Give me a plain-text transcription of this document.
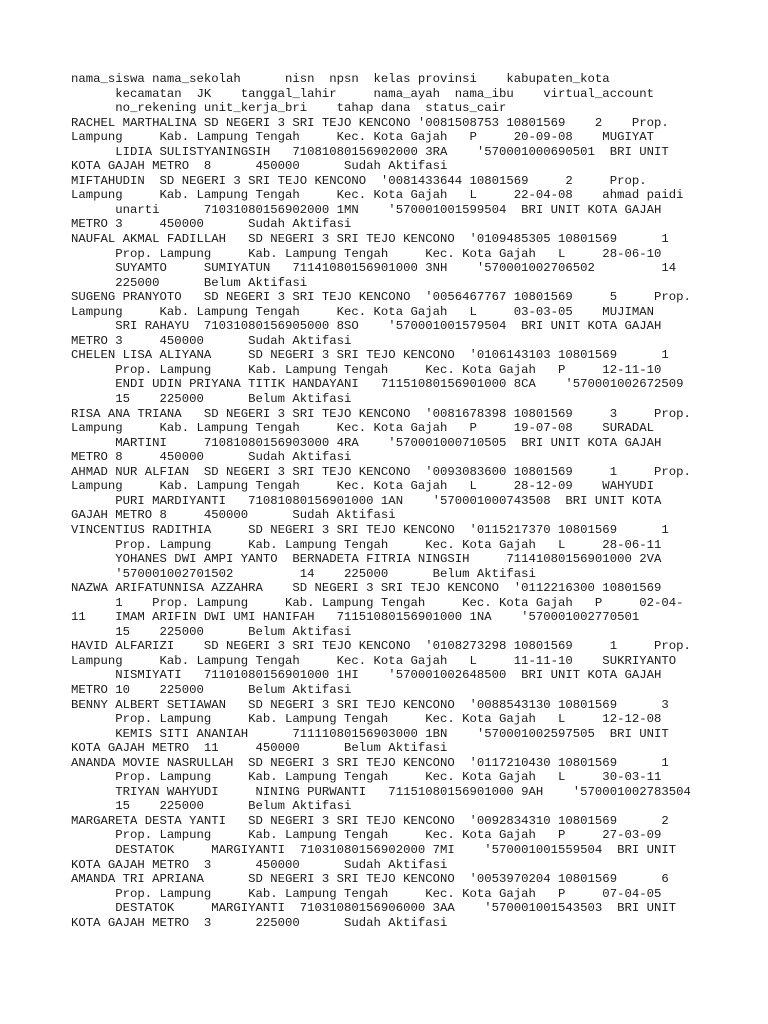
nama_siswa nama_sekolah      nisn  npsn  kelas provinsi    kabupaten_kota
kecamatan  JK    tanggal_lahir     nama_ayah  nama_ibu    virtual_account
no_rekening unit_kerja_bri    tahap dana  status_cair
RACHEL MARTHALINA SD NEGERI 3 SRI TEJO KENCONO '0081508753 10801569    2    Prop.
Lampung     Kab. Lampung Tengah     Kec. Kota Gajah   P     20-09-08    MUGIYAT
LIDIA SULISTYANINGSIH   71081080156902000 3RA    '570001000690501  BRI UNIT
KOTA GAJAH METRO  8      450000      Sudah Aktifasi
MIFTAHUDIN  SD NEGERI 3 SRI TEJO KENCONO  '0081433644 10801569     2     Prop.
Lampung     Kab. Lampung Tengah     Kec. Kota Gajah   L     22-04-08    ahmad paidi
unarti      71031080156902000 1MN    '570001001599504  BRI UNIT KOTA GAJAH
METRO 3     450000      Sudah Aktifasi
NAUFAL AKMAL FADILLAH   SD NEGERI 3 SRI TEJO KENCONO  '0109485305 10801569      1
Prop. Lampung     Kab. Lampung Tengah     Kec. Kota Gajah   L     28-06-10
SUYAMTO     SUMIYATUN   71141080156901000 3NH    '570001002706502         14
225000      Belum Aktifasi
SUGENG PRANYOTO   SD NEGERI 3 SRI TEJO KENCONO  '0056467767 10801569     5     Prop.
Lampung     Kab. Lampung Tengah     Kec. Kota Gajah   L     03-03-05    MUJIMAN
SRI RAHAYU  71031080156905000 8SO    '570001001579504  BRI UNIT KOTA GAJAH
METRO 3     450000      Sudah Aktifasi
CHELEN LISA ALIYANA     SD NEGERI 3 SRI TEJO KENCONO  '0106143103 10801569      1
Prop. Lampung     Kab. Lampung Tengah     Kec. Kota Gajah   P     12-11-10
ENDI UDIN PRIYANA TITIK HANDAYANI   71151080156901000 8CA    '570001002672509
15    225000      Belum Aktifasi
RISA ANA TRIANA   SD NEGERI 3 SRI TEJO KENCONO  '0081678398 10801569     3     Prop.
Lampung     Kab. Lampung Tengah     Kec. Kota Gajah   P     19-07-08    SURADAL
MARTINI     71081080156903000 4RA    '570001000710505  BRI UNIT KOTA GAJAH
METRO 8     450000      Sudah Aktifasi
AHMAD NUR ALFIAN  SD NEGERI 3 SRI TEJO KENCONO  '0093083600 10801569     1     Prop.
Lampung     Kab. Lampung Tengah     Kec. Kota Gajah   L     28-12-09    WAHYUDI
PURI MARDIYANTI   71081080156901000 1AN    '570001000743508  BRI UNIT KOTA
GAJAH METRO 8     450000      Sudah Aktifasi
VINCENTIUS RADITHIA     SD NEGERI 3 SRI TEJO KENCONO  '0115217370 10801569      1
Prop. Lampung     Kab. Lampung Tengah     Kec. Kota Gajah   L     28-06-11
YOHANES DWI AMPI YANTO  BERNADETA FITRIA NINGSIH     71141080156901000 2VA
'570001002701502         14    225000      Belum Aktifasi
NAZWA ARIFATUNNISA AZZAHRA    SD NEGERI 3 SRI TEJO KENCONO  '0112216300 10801569
1    Prop. Lampung     Kab. Lampung Tengah     Kec. Kota Gajah   P     02-04-
11    IMAM ARIFIN DWI UMI HANIFAH   71151080156901000 1NA    '570001002770501
15    225000      Belum Aktifasi
HAVID ALFARIZI    SD NEGERI 3 SRI TEJO KENCONO  '0108273298 10801569     1     Prop.
Lampung     Kab. Lampung Tengah     Kec. Kota Gajah   L     11-11-10    SUKRIYANTO
NISMIYATI   71101080156901000 1HI    '570001002648500  BRI UNIT KOTA GAJAH
METRO 10    225000      Belum Aktifasi
BENNY ALBERT SETIAWAN   SD NEGERI 3 SRI TEJO KENCONO  '0088543130 10801569      3
Prop. Lampung     Kab. Lampung Tengah     Kec. Kota Gajah   L     12-12-08
KEMIS SITI ANANIAH      71111080156903000 1BN    '570001002597505  BRI UNIT
KOTA GAJAH METRO  11     450000      Belum Aktifasi
ANANDA MOVIE NASRULLAH  SD NEGERI 3 SRI TEJO KENCONO  '0117210430 10801569      1
Prop. Lampung     Kab. Lampung Tengah     Kec. Kota Gajah   L     30-03-11
TRIYAN WAHYUDI     NINING PURWANTI   71151080156901000 9AH    '570001002783504
15    225000      Belum Aktifasi
MARGARETA DESTA YANTI   SD NEGERI 3 SRI TEJO KENCONO  '0092834310 10801569      2
Prop. Lampung     Kab. Lampung Tengah     Kec. Kota Gajah   P     27-03-09
DESTATOK     MARGIYANTI  71031080156902000 7MI    '570001001559504  BRI UNIT
KOTA GAJAH METRO  3      450000      Sudah Aktifasi
AMANDA TRI APRIANA      SD NEGERI 3 SRI TEJO KENCONO  '0053970204 10801569      6
Prop. Lampung     Kab. Lampung Tengah     Kec. Kota Gajah   P     07-04-05
DESTATOK     MARGIYANTI  71031080156906000 3AA    '570001001543503  BRI UNIT
KOTA GAJAH METRO  3      225000      Sudah Aktifasi
